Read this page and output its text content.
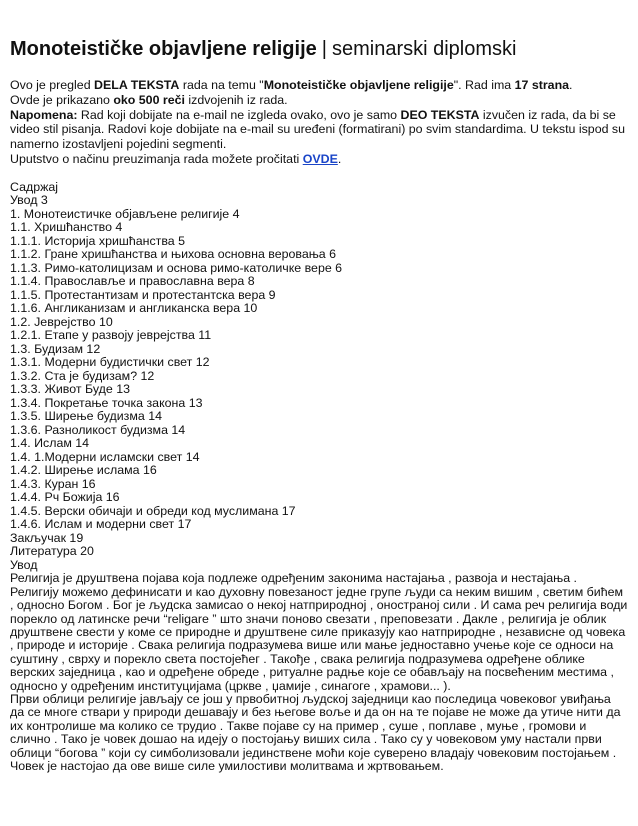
Monoteističke objavljene religije | seminarski diplomski
Ovo je pregled DELA TEKSTA rada na temu "Monoteističke objavljene religije". Rad ima 17 strana.
Ovde je prikazano oko 500 reči izdvojenih iz rada.
Napomena: Rad koji dobijate na e-mail ne izgleda ovako, ovo je samo DEO TEKSTA izvučen iz rada, da bi se video stil pisanja. Radovi koje dobijate na e-mail su uređeni (formatirani) po svim standardima. U tekstu ispod su namerno izostavljeni pojedini segmenti.
Uputstvo o načinu preuzimanja rada možete pročitati OVDE.
Садржај
Увод 3
1. Монотеистичке објављене религије 4
1.1. Хришћанство 4
1.1.1. Историја хришћанства 5
1.1.2. Гране хришћанства и њихова основна веровања 6
1.1.3. Римо-католицизам и основа римо-католичке вере 6
1.1.4. Православље и православна вера 8
1.1.5. Протестантизам и протестантска вера 9
1.1.6. Англиканизам и англиканска вера 10
1.2. Јеврејство 10
1.2.1. Етапе у развоју јеврејства 11
1.3. Будизам 12
1.3.1. Модерни будистички свет 12
1.3.2. Ста је будизам? 12
1.3.3. Живот Буде 13
1.3.4. Покретање точка закона 13
1.3.5. Ширење будизма 14
1.3.6. Разноликост будизма 14
1.4. Ислам 14
1.4. 1.Модерни исламски свет 14
1.4.2. Ширење ислама 16
1.4.3. Куран 16
1.4.4. Рч Божија 16
1.4.5. Верски обичаји и обреди код муслимана 17
1.4.6. Ислам и модерни свет 17
Закључак 19
Литература 20
Увод

Религија је друштвена појава која подлеже одређеним законима настајања , развоја и нестајања . Религију можемо дефинисати и као духовну повезаност једне групе људи са неким вишим , светим бићем , односно Богом . Бог је људска замисао о некој натприродној , оностраној сили . И сама реч религија води порекло од латинске речи “religare ” што значи поново свезати , преповезати . Дакле , религија је облик друштвене свести у коме се природне и друштвене силе приказују као натприродне , независне од човека , природе и историје . Свака религија подразумева више или мање једноставно учење које се односи на суштину , сврху и порекло света постојећег . Такође , свака религија подразумева одређене облике верских заједница , као и одређене обреде , ритуалне радње које се обављају на посвећеним местима , односно у одређеним институцијама (цркве , џамије , синагоге , храмови... ).

Први облици религије јављају се још у првобитној људској заједници као последица човековог увиђања да се многе ствари у природи дешавају и без његове воље и да он на те појаве не може да утиче нити да их контролише ма колико се трудио . Такве појаве су на пример , суше , поплаве , муње , громови и слично . Тако је човек дошао на идеју о постојању виших сила . Тако су у човековом уму настали први облици “богова ” који су симболизовали јединствене моћи које суверено владају човековим постојањем . Човек је настојао да ове више силе умилостиви молитвама и жртвовањем.
